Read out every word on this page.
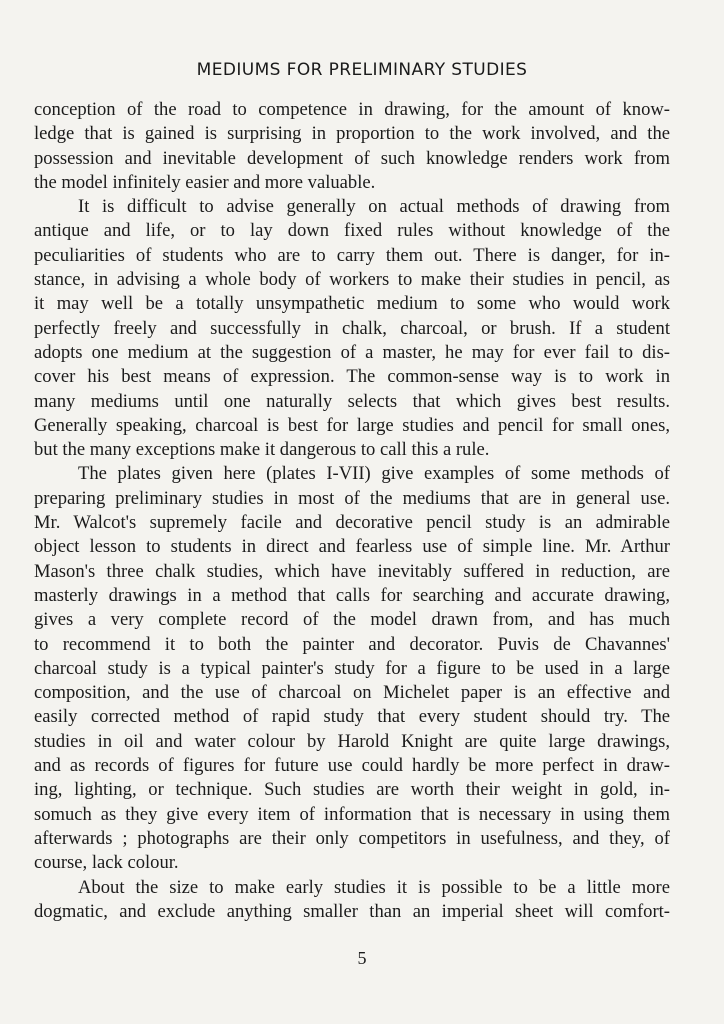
MEDIUMS FOR PRELIMINARY STUDIES
conception of the road to competence in drawing, for the amount of know-
ledge that is gained is surprising in proportion to the work involved, and the
possession and inevitable development of such knowledge renders work from
the model infinitely easier and more valuable.
It is difficult to advise generally on actual methods of drawing from
antique and life, or to lay down fixed rules without knowledge of the
peculiarities of students who are to carry them out. There is danger, for in-
stance, in advising a whole body of workers to make their studies in pencil, as
it may well be a totally unsympathetic medium to some who would work
perfectly freely and successfully in chalk, charcoal, or brush. If a student
adopts one medium at the suggestion of a master, he may for ever fail to dis-
cover his best means of expression. The common-sense way is to work in
many mediums until one naturally selects that which gives best results.
Generally speaking, charcoal is best for large studies and pencil for small ones,
but the many exceptions make it dangerous to call this a rule.
The plates given here (plates I-VII) give examples of some methods of
preparing preliminary studies in most of the mediums that are in general use.
Mr. Walcot's supremely facile and decorative pencil study is an admirable
object lesson to students in direct and fearless use of simple line. Mr. Arthur
Mason's three chalk studies, which have inevitably suffered in reduction, are
masterly drawings in a method that calls for searching and accurate drawing,
gives a very complete record of the model drawn from, and has much
to recommend it to both the painter and decorator. Puvis de Chavannes'
charcoal study is a typical painter's study for a figure to be used in a large
composition, and the use of charcoal on Michelet paper is an effective and
easily corrected method of rapid study that every student should try. The
studies in oil and water colour by Harold Knight are quite large drawings,
and as records of figures for future use could hardly be more perfect in draw-
ing, lighting, or technique. Such studies are worth their weight in gold, in-
somuch as they give every item of information that is necessary in using them
afterwards ; photographs are their only competitors in usefulness, and they, of
course, lack colour.
About the size to make early studies it is possible to be a little more
dogmatic, and exclude anything smaller than an imperial sheet will comfort-
5
